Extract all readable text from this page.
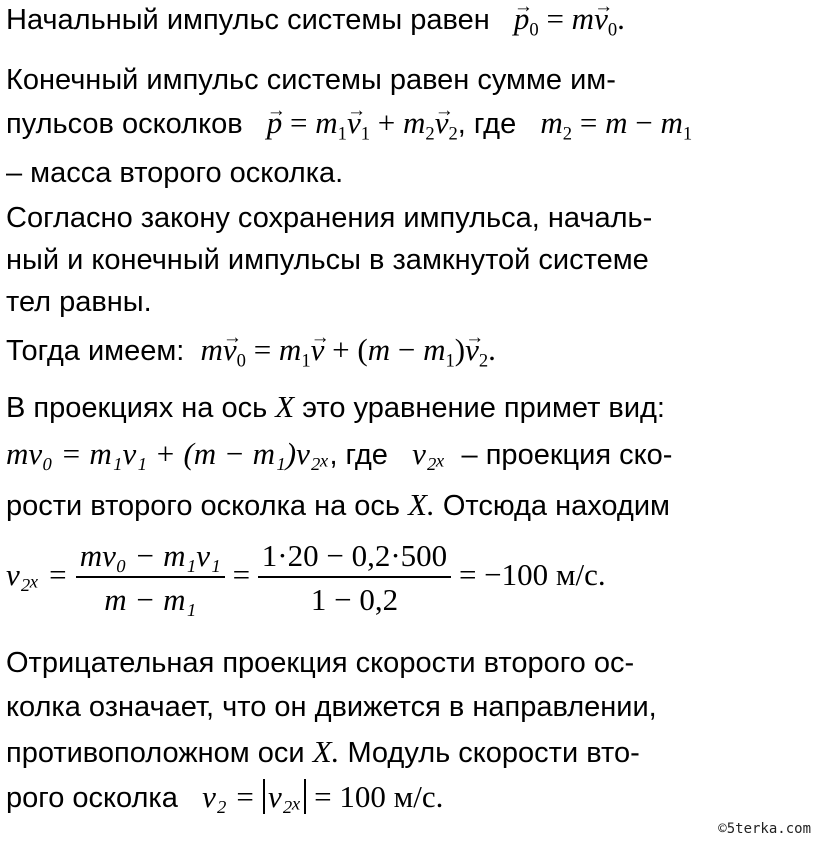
Начальный импульс системы равен → $p_0 = m\to v_0$.
Конечный импульс системы равен сумме им-
пульсов осколков → $p = m_1\to v_1 + m_2\to v_2$, где $m_2 = m - m_1$
– масса второго осколка.
Согласно закону сохранения импульса, началь-
ный и конечный импульсы в замкнутой системе
тел равны.
Тогда имеем: $m\to v_0 = m_1\to v + (m - m_1)\to v_2$.
В проекциях на ось X это уравнение примет вид:
mv₀ = m₁v₁ + (m − m₁)v₂ₓ, где v₂ₓ – проекция ско-
рости второго осколка на ось X. Отсюда находим
$v_{2x} = \frac{\text{mv₀ − m₁v₁}}{\text{m − m₁}} = \frac{1\cdot 20 - 0,2\cdot 500}{1 - 0,2} = -100$ м/с.
Отрицательная проекция скорости второго ос-
колка означает, что он движется в направлении,
противоположном оси X. Модуль скорости вто-
рого осколка v₂ = v₂ₓ = 100 м/с.
©5terka.com
